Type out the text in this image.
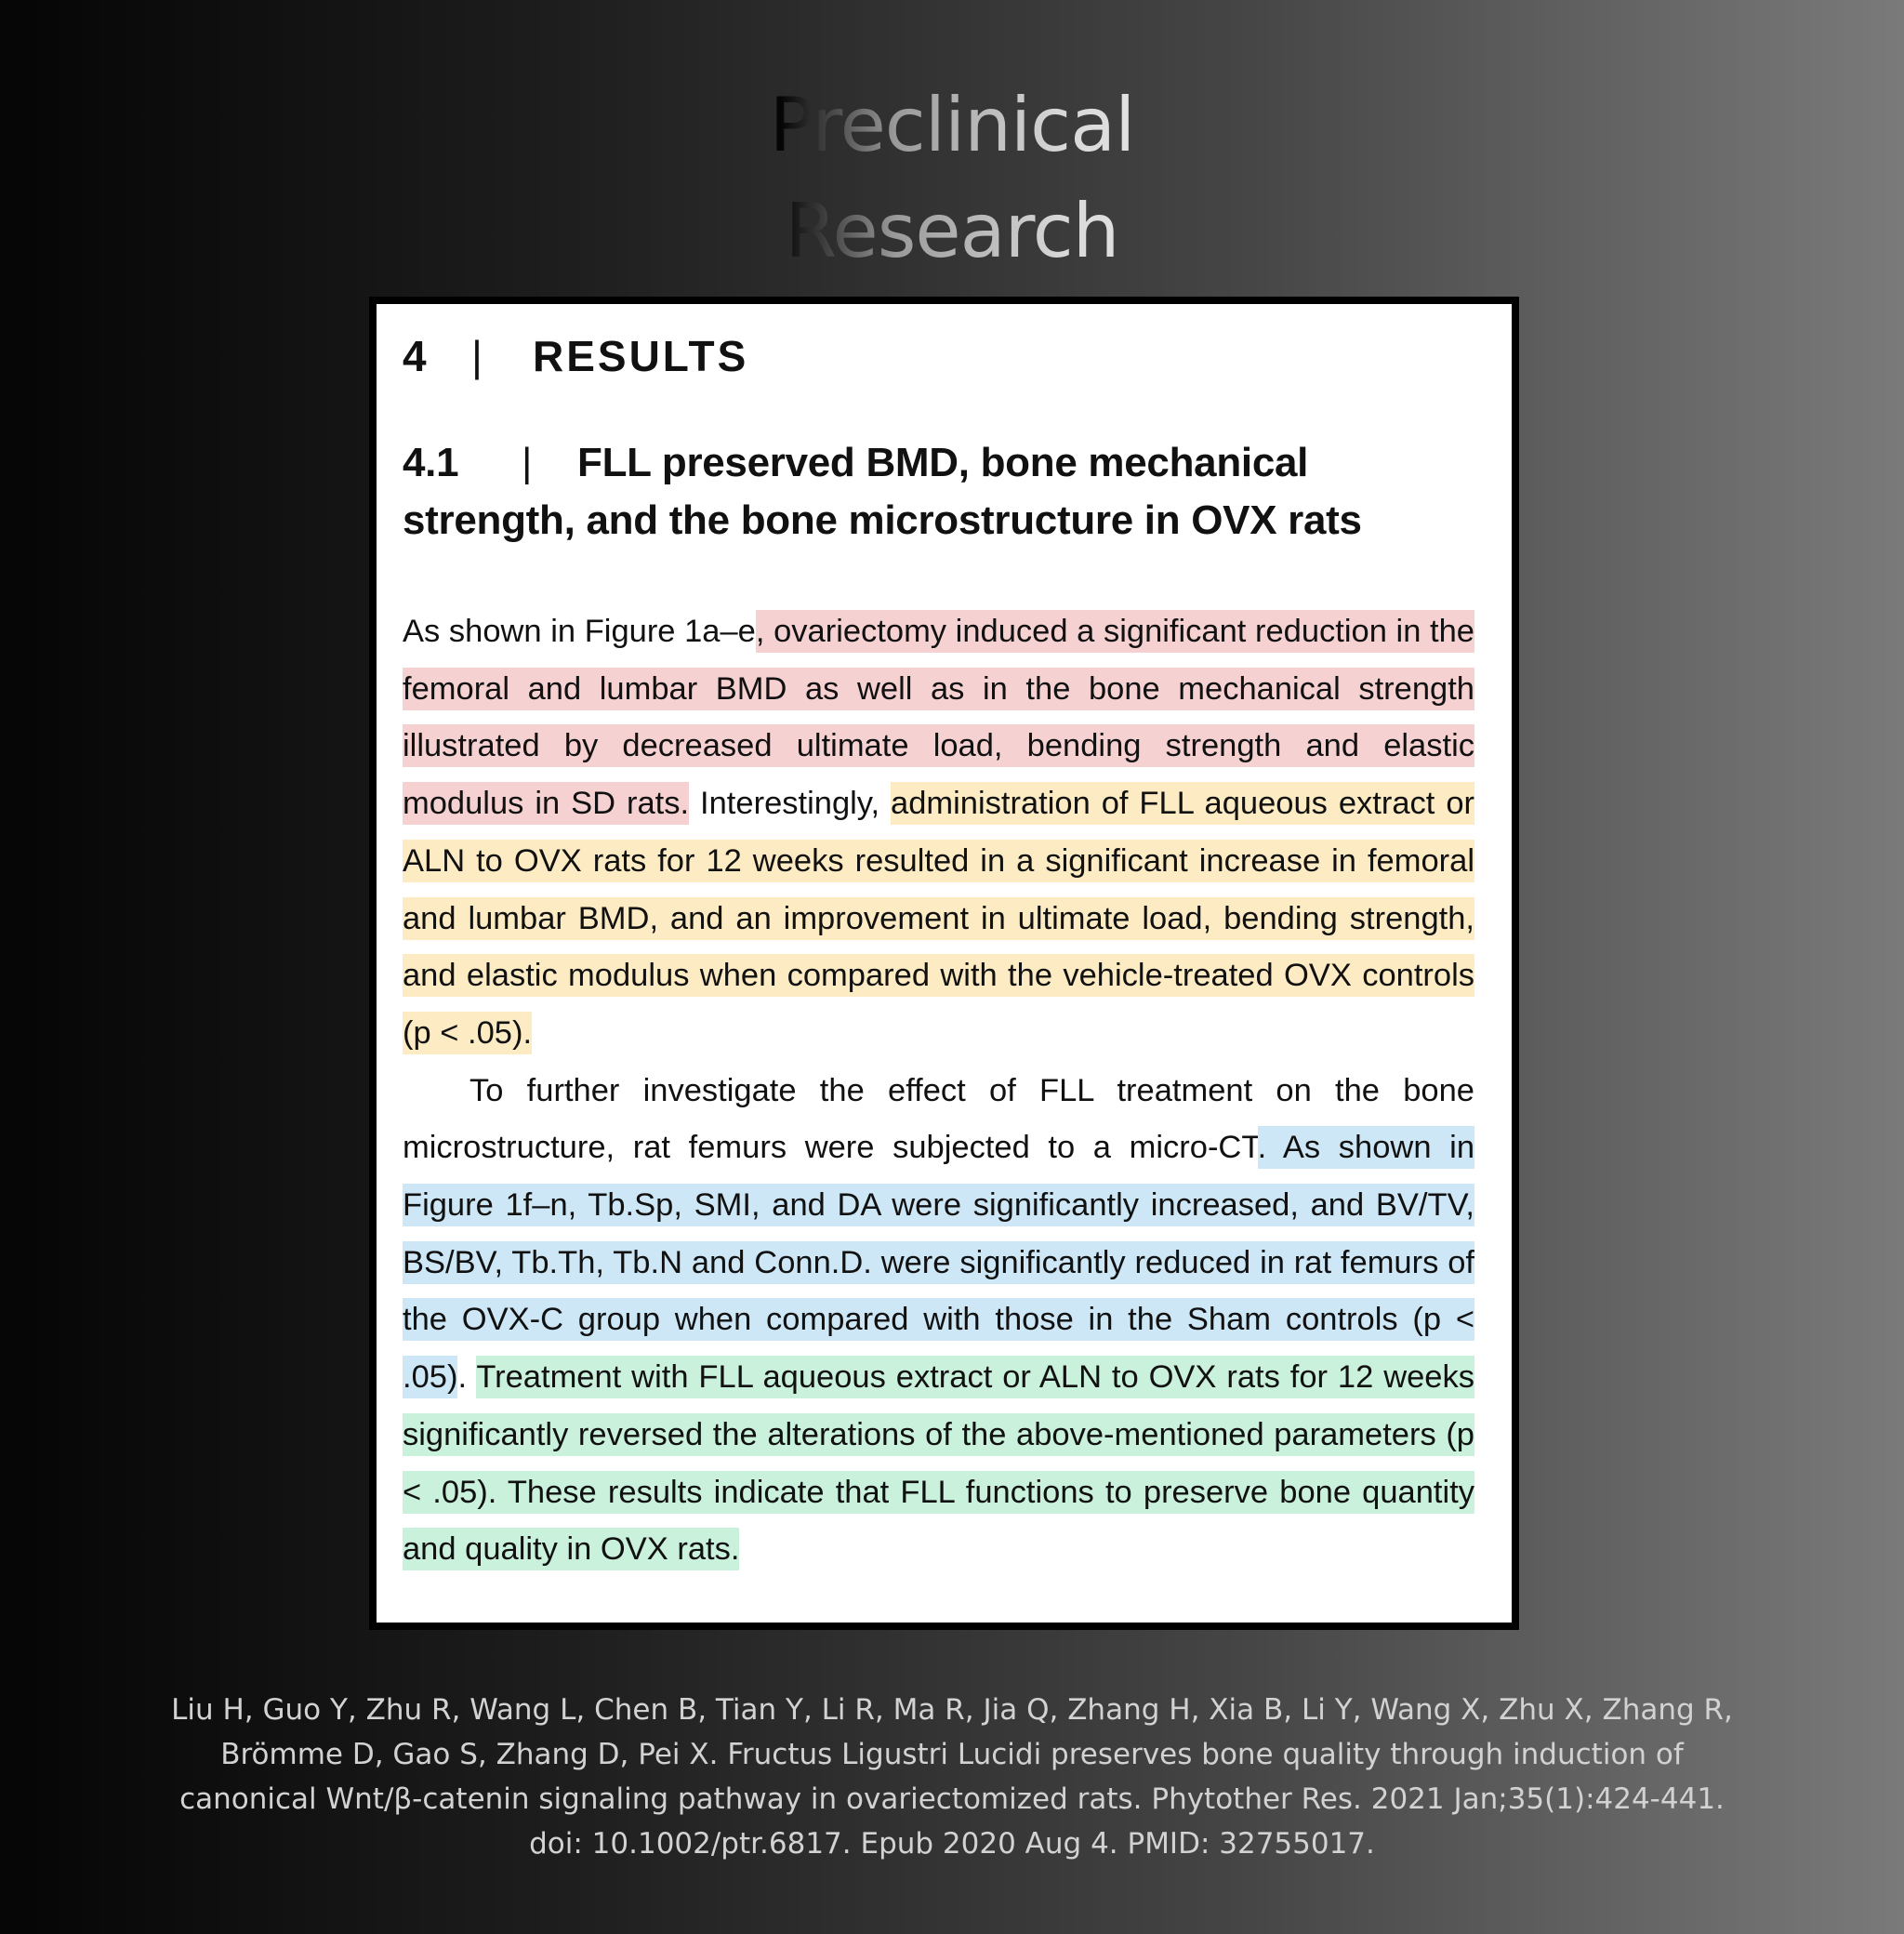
Preclinical
Research
4 | RESULTS
4.1 | FLL preserved BMD, bone mechanical strength, and the bone microstructure in OVX rats

As shown in Figure 1a–e, ovariectomy induced a significant reduction in the femoral and lumbar BMD as well as in the bone mechanical strength illustrated by decreased ultimate load, bending strength and elastic modulus in SD rats. Interestingly, administration of FLL aqueous extract or ALN to OVX rats for 12 weeks resulted in a significant increase in femoral and lumbar BMD, and an improvement in ultimate load, bending strength, and elastic modulus when compared with the vehicle-treated OVX controls (p < .05).

To further investigate the effect of FLL treatment on the bone microstructure, rat femurs were subjected to a micro-CT. As shown in Figure 1f–n, Tb.Sp, SMI, and DA were significantly increased, and BV/TV, BS/BV, Tb.Th, Tb.N and Conn.D. were significantly reduced in rat femurs of the OVX-C group when compared with those in the Sham controls (p < .05). Treatment with FLL aqueous extract or ALN to OVX rats for 12 weeks significantly reversed the alterations of the above-mentioned parameters (p < .05). These results indicate that FLL functions to preserve bone quantity and quality in OVX rats.

Liu H, Guo Y, Zhu R, Wang L, Chen B, Tian Y, Li R, Ma R, Jia Q, Zhang H, Xia B, Li Y, Wang X, Zhu X, Zhang R, Brömme D, Gao S, Zhang D, Pei X. Fructus Ligustri Lucidi preserves bone quality through induction of canonical Wnt/β-catenin signaling pathway in ovariectomized rats. Phytother Res. 2021 Jan;35(1):424-441. doi: 10.1002/ptr.6817. Epub 2020 Aug 4. PMID: 32755017.
